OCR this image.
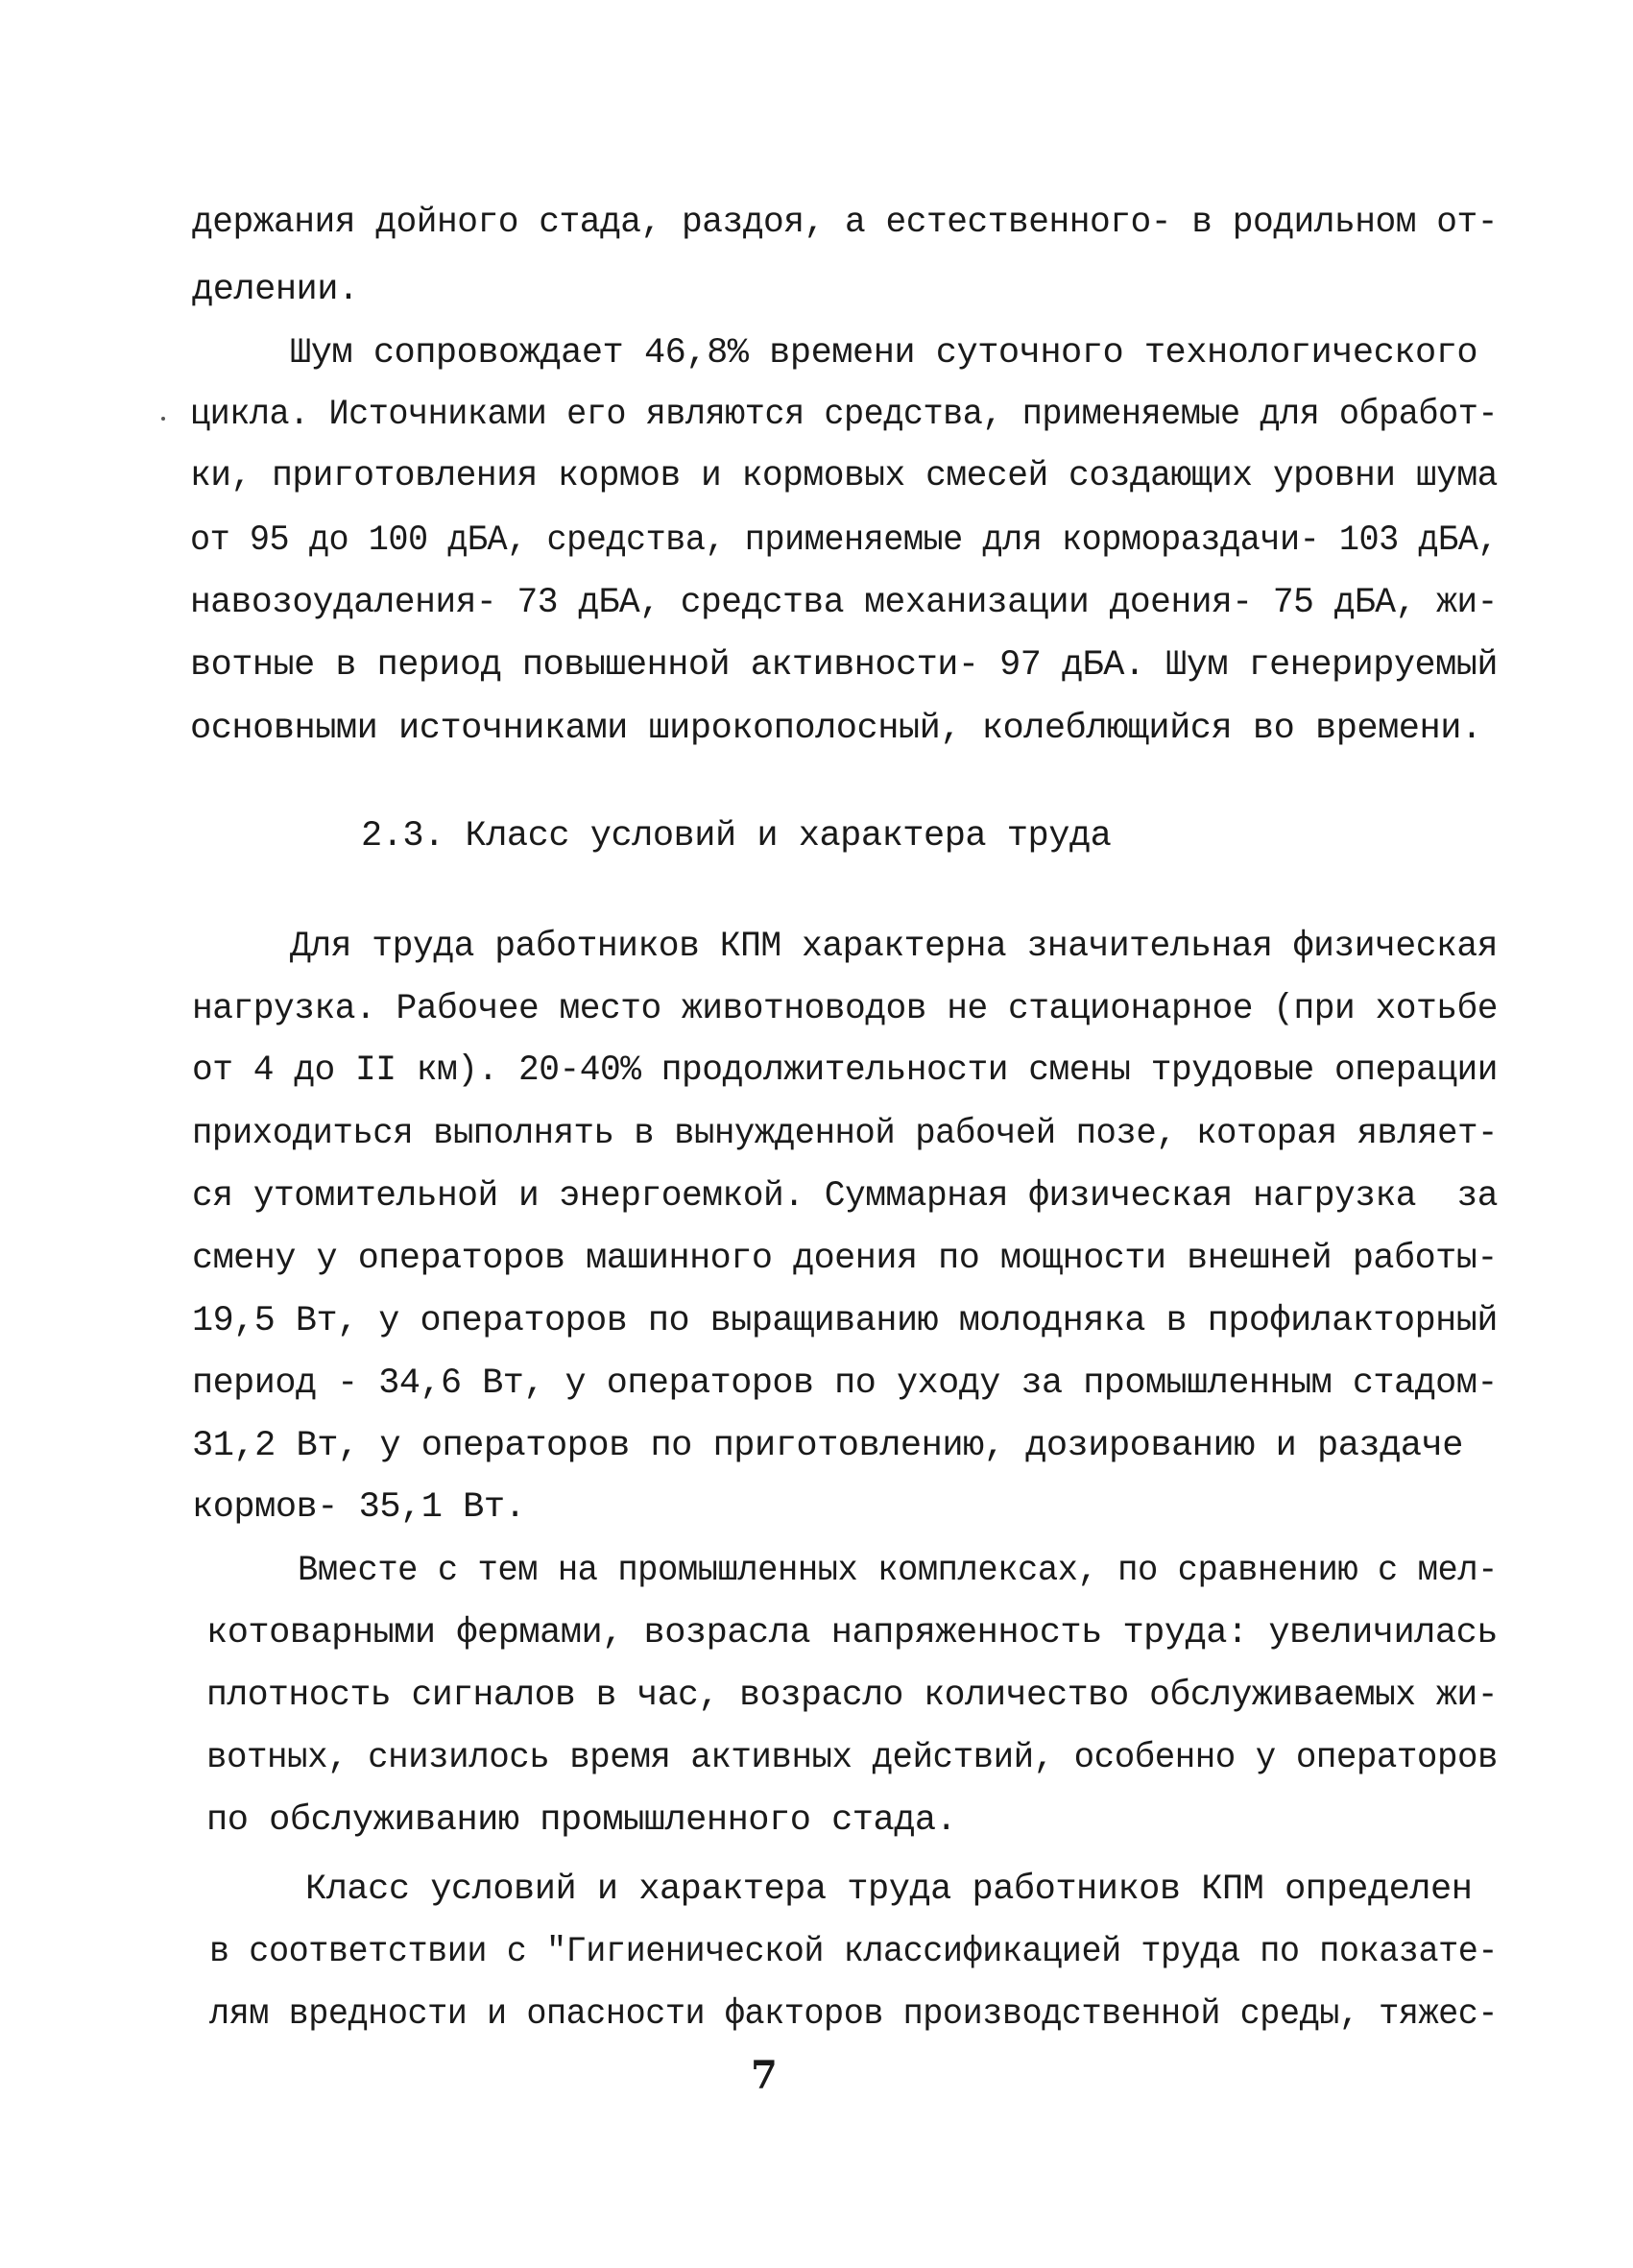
держания дойного стада, раздоя, а естественного- в родильном от-
делении.
Шум сопровождает 46,8% времени суточного технологического
цикла. Источниками его являются средства, применяемые для обработ-
ки, приготовления кормов и кормовых смесей создающих уровни шума
от 95 до 100 дБА, средства, применяемые для кормораздачи- 103 дБА,
навозоудаления- 73 дБА, средства механизации доения- 75 дБА, жи-
вотные в период повышенной активности- 97 дБА. Шум генерируемый
основными источниками широкополосный, колеблющийся во времени.
2.3. Класс условий и характера труда
Для труда работников КПМ характерна значительная физическая
нагрузка. Рабочее место животноводов не стационарное (при хотьбе
от 4 до II км). 20-40% продолжительности смены трудовые операции
приходиться выполнять в вынужденной рабочей позе, которая являет-
ся утомительной и энергоемкой. Суммарная физическая нагрузка  за
смену у операторов машинного доения по мощности внешней работы-
19,5 Вт, у операторов по выращиванию молодняка в профилакторный
период - 34,6 Вт, у операторов по уходу за промышленным стадом-
31,2 Вт, у операторов по приготовлению, дозированию и раздаче
кормов- 35,1 Вт.
Вместе с тем на промышленных комплексах, по сравнению с мел-
котоварными фермами, возрасла напряженность труда: увеличилась
плотность сигналов в час, возрасло количество обслуживаемых жи-
вотных, снизилось время активных действий, особенно у операторов
по обслуживанию промышленного стада.
Класс условий и характера труда работников КПМ определен
в соответствии с "Гигиенической классификацией труда по показате-
лям вредности и опасности факторов производственной среды, тяжес-
7
